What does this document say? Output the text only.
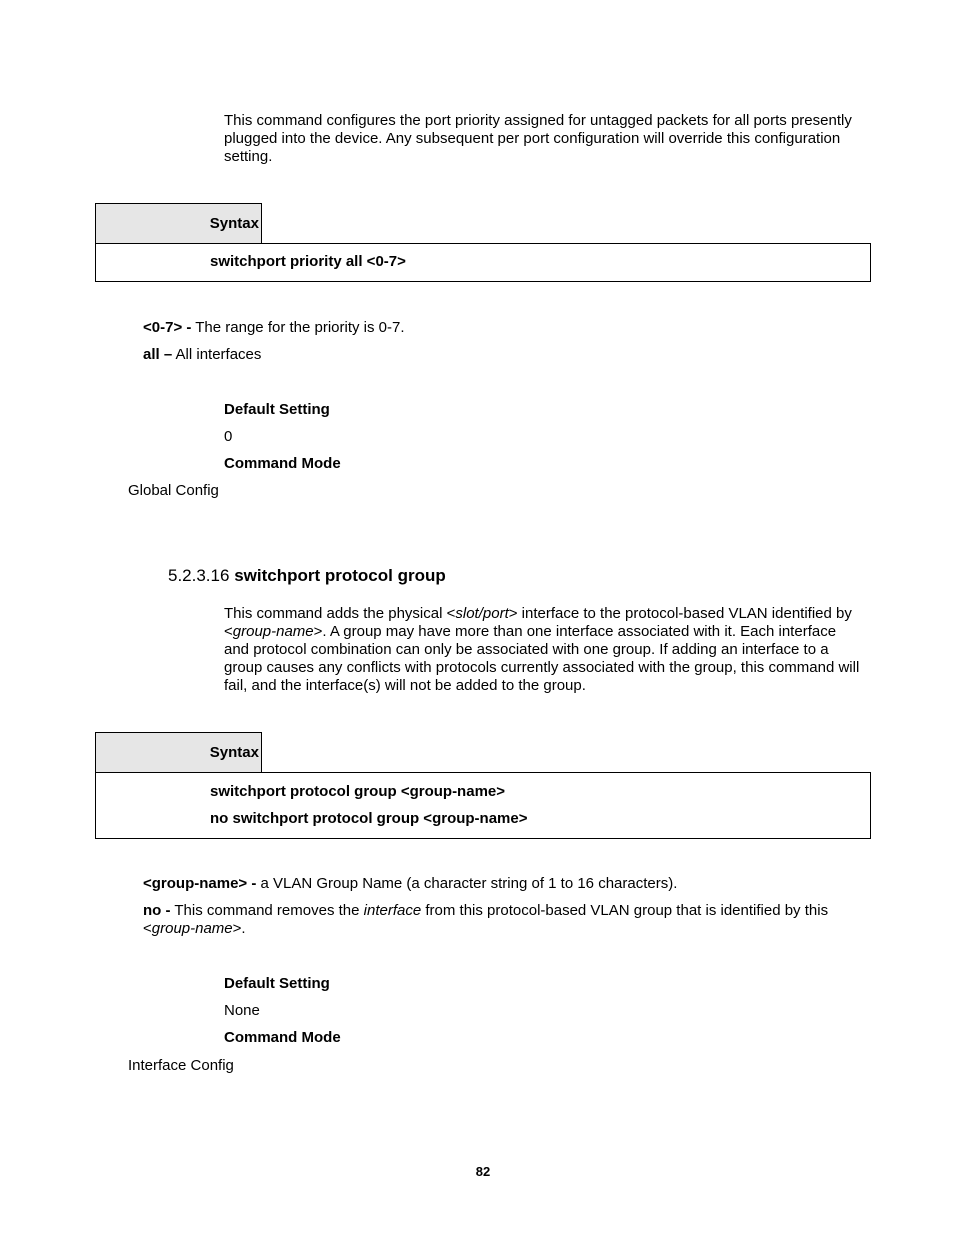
This command configures the port priority assigned for untagged packets for all ports presently plugged into the device. Any subsequent per port configuration will override this configuration setting.

Syntax

switchport priority all <0-7>

<0-7> - The range for the priority is 0-7.

all – All interfaces

Default Setting

0

Command Mode

Global Config

5.2.3.16 switchport protocol group

This command adds the physical <slot/port> interface to the protocol-based VLAN identified by <group-name>. A group may have more than one interface associated with it. Each interface and protocol combination can only be associated with one group. If adding an interface to a group causes any conflicts with protocols currently associated with the group, this command will fail, and the interface(s) will not be added to the group.

Syntax

switchport protocol group <group-name>

no switchport protocol group <group-name>

<group-name> - a VLAN Group Name (a character string of 1 to 16 characters).

no - This command removes the interface from this protocol-based VLAN group that is identified by this <group-name>.

Default Setting

None

Command Mode

Interface Config

82
